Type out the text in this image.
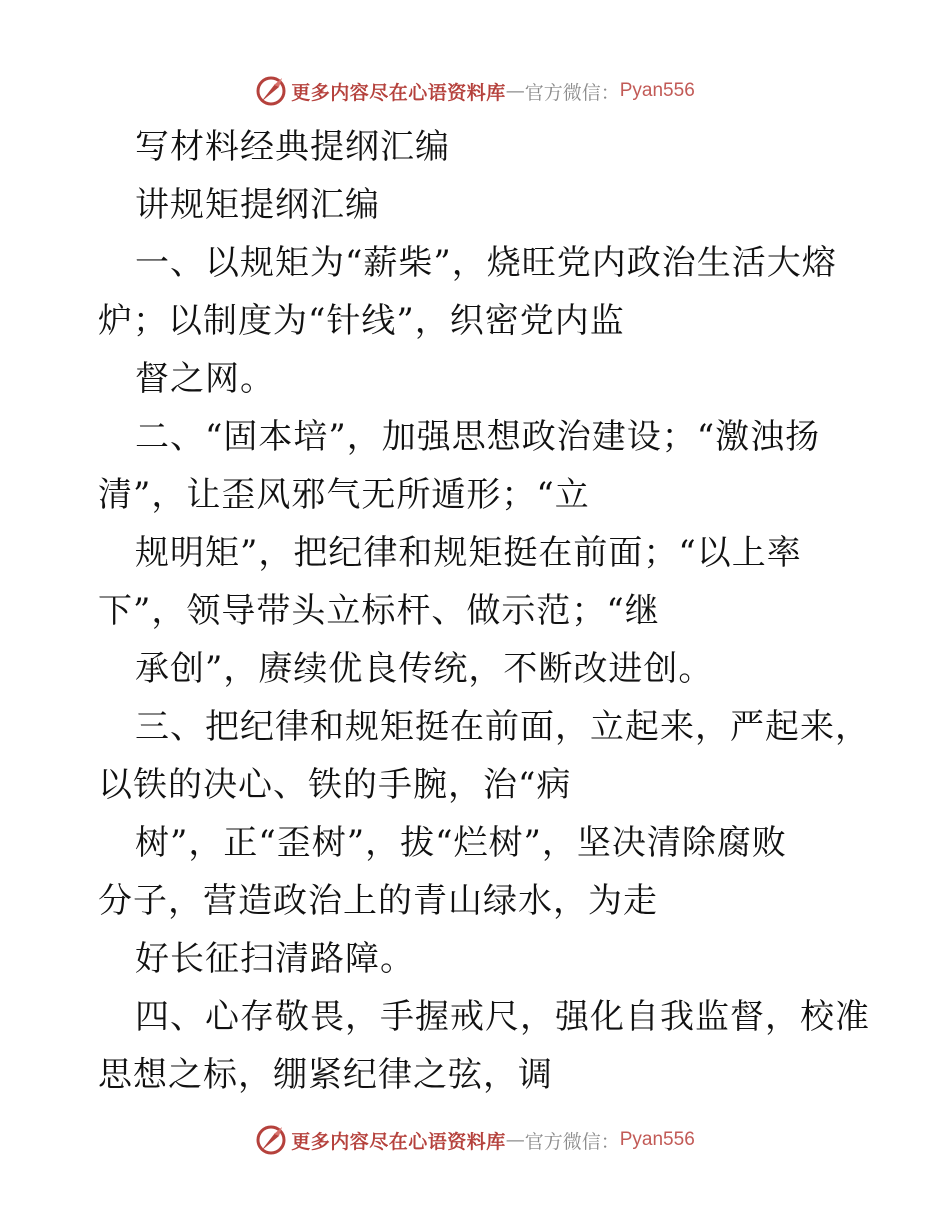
更多内容尽在心语资料库 — 官方微信： Pyan556
写材料经典提纲汇编
讲规矩提纲汇编
一、以规矩为“薪柴”，烧旺党内政治生活大熔
炉；以制度为“针线”，织密党内监
督之网。
二、“固本培”，加强思想政治建设；“激浊扬
清”，让歪风邪气无所遁形；“立
规明矩”，把纪律和规矩挺在前面；“以上率
下”，领导带头立标杆、做示范；“继
承创”，赓续优良传统，不断改进创。
三、把纪律和规矩挺在前面，立起来，严起来，
以铁的决心、铁的手腕，治“病
树”，正“歪树”，拔“烂树”，坚决清除腐败
分子，营造政治上的青山绿水，为走
好长征扫清路障。
四、心存敬畏，手握戒尺，强化自我监督，校准
思想之标，绷紧纪律之弦，调
更多内容尽在心语资料库 — 官方微信： Pyan556
